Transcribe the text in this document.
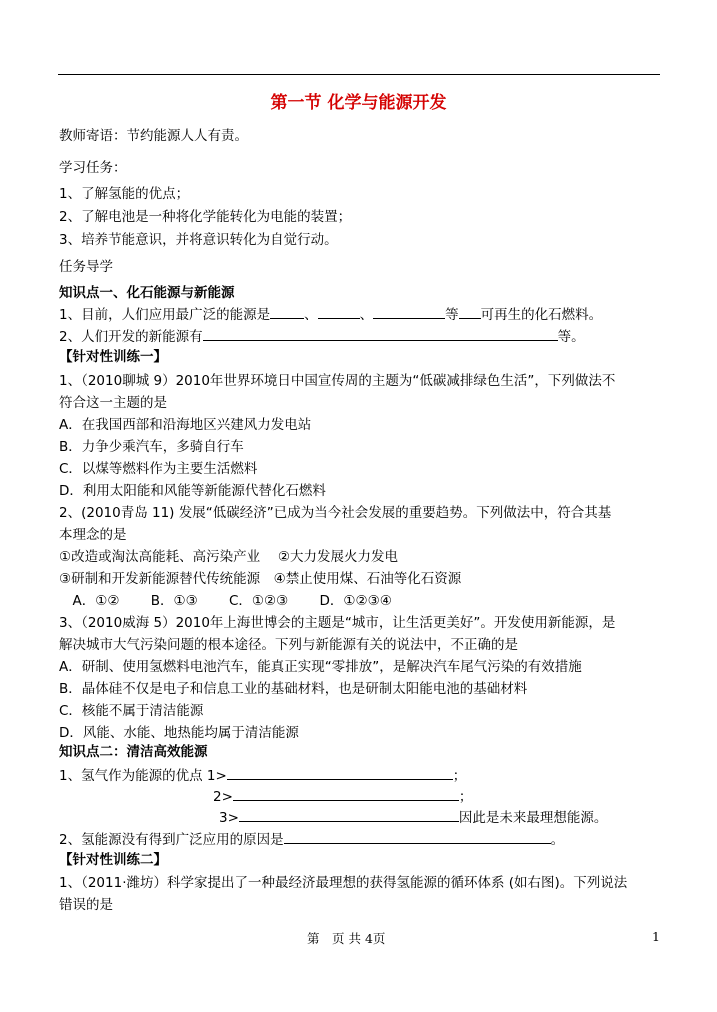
第一节 化学与能源开发
教师寄语：节约能源人人有责。
学习任务：
1、了解氢能的优点；
2、了解电池是一种将化学能转化为电能的装置；
3、培养节能意识，并将意识转化为自觉行动。
任务导学
知识点一、化石能源与新能源
1、目前，人们应用最广泛的能源是	、	、	等 可再生的化石燃料。
2、人们开发的新能源有	等。
【针对性训练一】
1、（2010聊城 9）2010年世界环境日中国宣传周的主题为“低碳减排绿色生活”，下列做法不
符合这一主题的是
A．在我国西部和沿海地区兴建风力发电站
B．力争少乘汽车，多骑自行车
C．以煤等燃料作为主要生活燃料
D．利用太阳能和风能等新能源代替化石燃料
2、(2010青岛 11) 发展“低碳经济”已成为当今社会发展的重要趋势。下列做法中，符合其基
本理念的是
①改造或淘汰高能耗、高污染产业　 ②大力发展火力发电
③研制和开发新能源替代传统能源　④禁止使用煤、石油等化石资源
　A．①②　　 B．①③　　 C．①②③　　 D．①②③④
3、（2010威海 5）2010年上海世博会的主题是“城市，让生活更美好”。开发使用新能源，是
解决城市大气污染问题的根本途径。下列与新能源有关的说法中，不正确的是
A．研制、使用氢燃料电池汽车，能真正实现“零排放”，是解决汽车尾气污染的有效措施
B．晶体硅不仅是电子和信息工业的基础材料，也是研制太阳能电池的基础材料
C．核能不属于清洁能源
D．风能、水能、地热能均属于清洁能源
知识点二：清洁高效能源
1、氢气作为能源的优点 1>	；
2>	；
3>	因此是未来最理想能源。
2、氢能源没有得到广泛应用的原因是	。
【针对性训练二】
1、（2011·潍坊）科学家提出了一种最经济最理想的获得氢能源的循环体系 (如右图)。下列说法
错误的是
第　页 共 4页	1
